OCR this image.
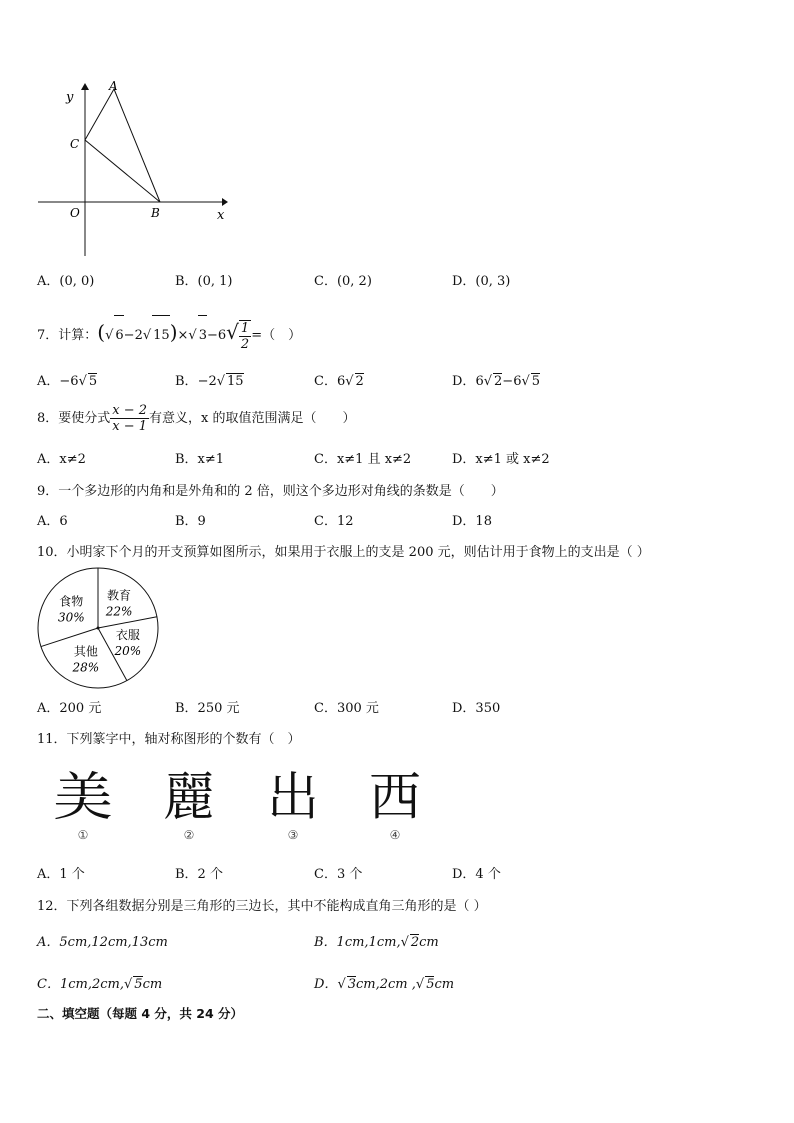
y
A
C
O	B	x
A．(0, 0)	B．(0, 1)	C．(0, 2)	D．(0, 3)
7．计算：(√ 6−2√ 15)×√ $3-6√ \frac{1}{2}$ =（　）
A．−6√ 5	B．−2√ 15	C．6√ 2	D．6√ 2−6√ 5
8．要使分式 $\frac{x - 2}{x - 1}$ 有意义，x 的取值范围满足（　　）
A．x≠2	B．x≠1	C．x≠1 且 x≠2	D．x≠1 或 x≠2
9．一个多边形的内角和是外角和的 2 倍，则这个多边形对角线的条数是（　　）
A．6	B．9	C．12	D．18
10．小明家下个月的开支预算如图所示，如果用于衣服上的支是 200 元，则估计用于食物上的支出是（ ）
教育
22%
衣服
20%
其他
28%
食物
30%
A．200 元	B．250 元	C．300 元	D．350
11．下列篆字中，轴对称图形的个数有（　）
美
①
麗
②
出
③
西
④
A．1 个	B．2 个	C．3 个	D．4 个
12．下列各组数据分别是三角形的三边长，其中不能构成直角三角形的是（ ）
A．5cm,12cm,13cm	B．1cm,1cm,√ 2cm
C．1cm,2cm,√ 5cm	D．√ 3cm,2cm ,√ 5cm
二、填空题（每题 4 分，共 24 分）
